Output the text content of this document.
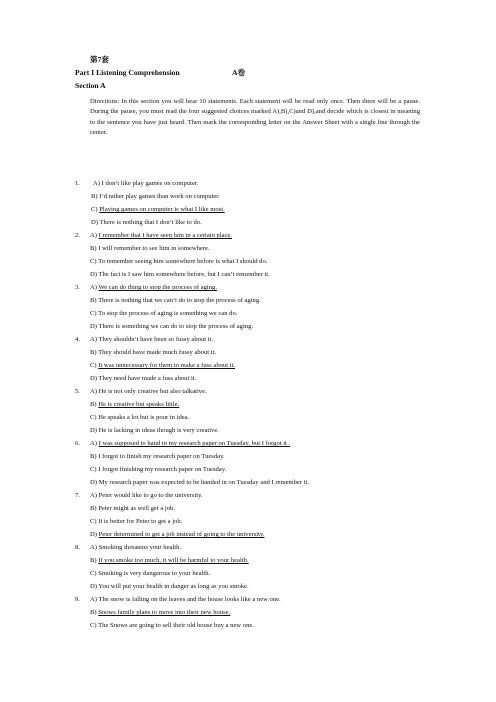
第7套
Part I Listening Comprehension	A卷
Section A
Directions: In this section you will hear 10 statements. Each statement will be read only once. Then there will be a pause. During the pause, you must read the four suggested choices marked A),B),C)and D),and decide which is closest in meaning to the sentence you have just heard. Then mark the corresponding letter on the Answer Sheet with a single line through the center.
1. A) I don’t like play games on computer.
B) I’d rather play games than work on computer.
C) Playing games on computer is what I like most.
D) There is nothing that I don’t like to do.
2. A) I remember that I have seen him in a certain place.
B) I will remember to see him in somewhere.
C) To remember seeing him somewhere before is what I should do.
D) The fact is I saw him somewhere before, but I can’t remember it.
3. A) We can do thing to stop the process of aging.
B) There is nothing that we can’t do to stop the process of aging.
C) To stop the process of aging is something we can do.
D) There is something we can do to stop the process of aging.
4. A) They shouldn’t have been so fussy about it.
B) They should have made much fussy about it.
C) It was unnecessary for them to make a fuss about it.
D) They need have made a fuss about it.
5. A) He is not only creative but also talkative.
B) He is creative but speaks little.
C) He speaks a lot but is poor in idea.
D) He is lacking in ideas though is very creative.
6. A) I was supposed to hand in my research paper on Tuesday, but I forgot it .
B) I forgot to finish my research paper on Tuesday.
C) I forgot finishing my research paper on Tuesday.
D) My research paper was expected to be handed in on Tuesday and I remember it.
7. A) Peter would like to go to the university.
B) Peter might as well get a job.
C) It is better for Peter to get a job.
D) Peter determined to get a job instead of going to the university.
8. A) Smoking threatens your health.
B) If you smoke too much, it will be harmful to your health.
C) Smoking is very dangerous to your health.
D) You will put your health in danger as long as you smoke.
9. A) The snow is falling on the leaves and the house looks like a new one.
B) Snows family plans to move into their new house.
C) The Snows are going to sell their old house buy a new one.
